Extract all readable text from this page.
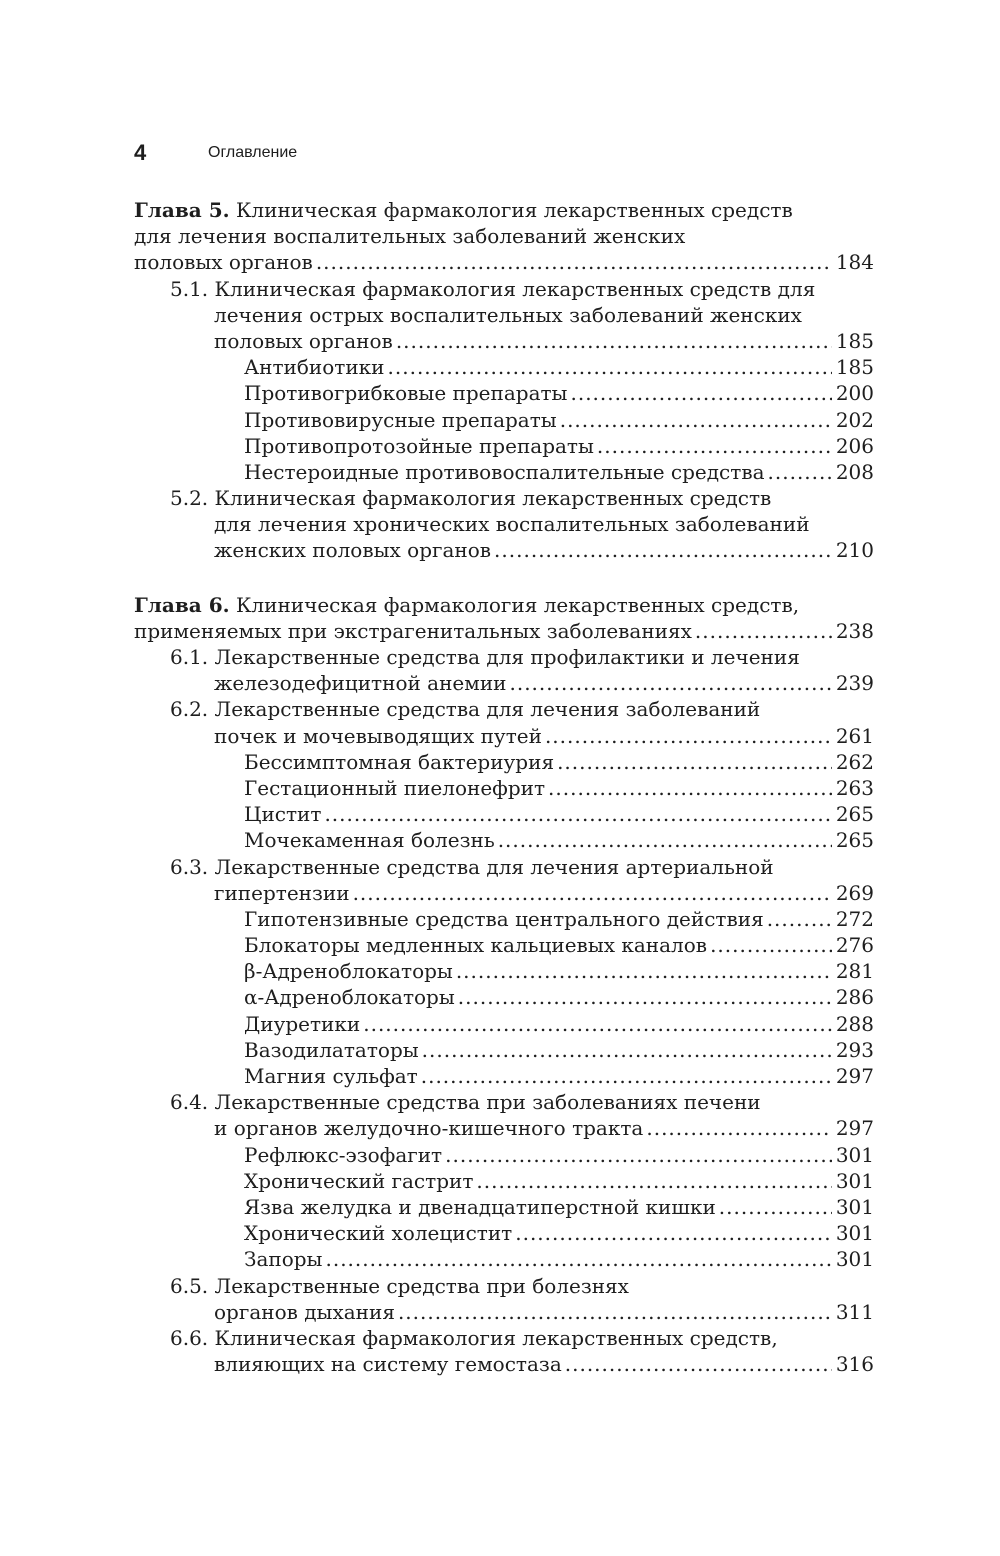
4	Оглавление
Глава 5. Клиническая фармакология лекарственных средств
для лечения воспалительных заболеваний женских
половых органов .....	184
5.1. Клиническая фармакология лекарственных средств для
лечения острых воспалительных заболеваний женских
половых органов .....	185
Антибиотики .....	185
Противогрибковые препараты .....	200
Противовирусные препараты .....	202
Противопротозойные препараты .....	206
Нестероидные противовоспалительные средства .....	208
5.2. Клиническая фармакология лекарственных средств
для лечения хронических воспалительных заболеваний
женских половых органов .....	210
Глава 6. Клиническая фармакология лекарственных средств,
применяемых при экстрагенитальных заболеваниях .....	238
6.1. Лекарственные средства для профилактики и лечения
железодефицитной анемии .....	239
6.2. Лекарственные средства для лечения заболеваний
почек и мочевыводящих путей .....	261
Бессимптомная бактериурия .....	262
Гестационный пиелонефрит .....	263
Цистит .....	265
Мочекаменная болезнь .....	265
6.3. Лекарственные средства для лечения артериальной
гипертензии .....	269
Гипотензивные средства центрального действия .....	272
Блокаторы медленных кальциевых каналов .....	276
β-Адреноблокаторы .....	281
α-Адреноблокаторы .....	286
Диуретики .....	288
Вазодилататоры .....	293
Магния сульфат .....	297
6.4. Лекарственные средства при заболеваниях печени
и органов желудочно-кишечного тракта .....	297
Рефлюкс-эзофагит .....	301
Хронический гастрит .....	301
Язва желудка и двенадцатиперстной кишки .....	301
Хронический холецистит .....	301
Запоры .....	301
6.5. Лекарственные средства при болезнях
органов дыхания .....	311
6.6. Клиническая фармакология лекарственных средств,
влияющих на систему гемостаза .....	316
